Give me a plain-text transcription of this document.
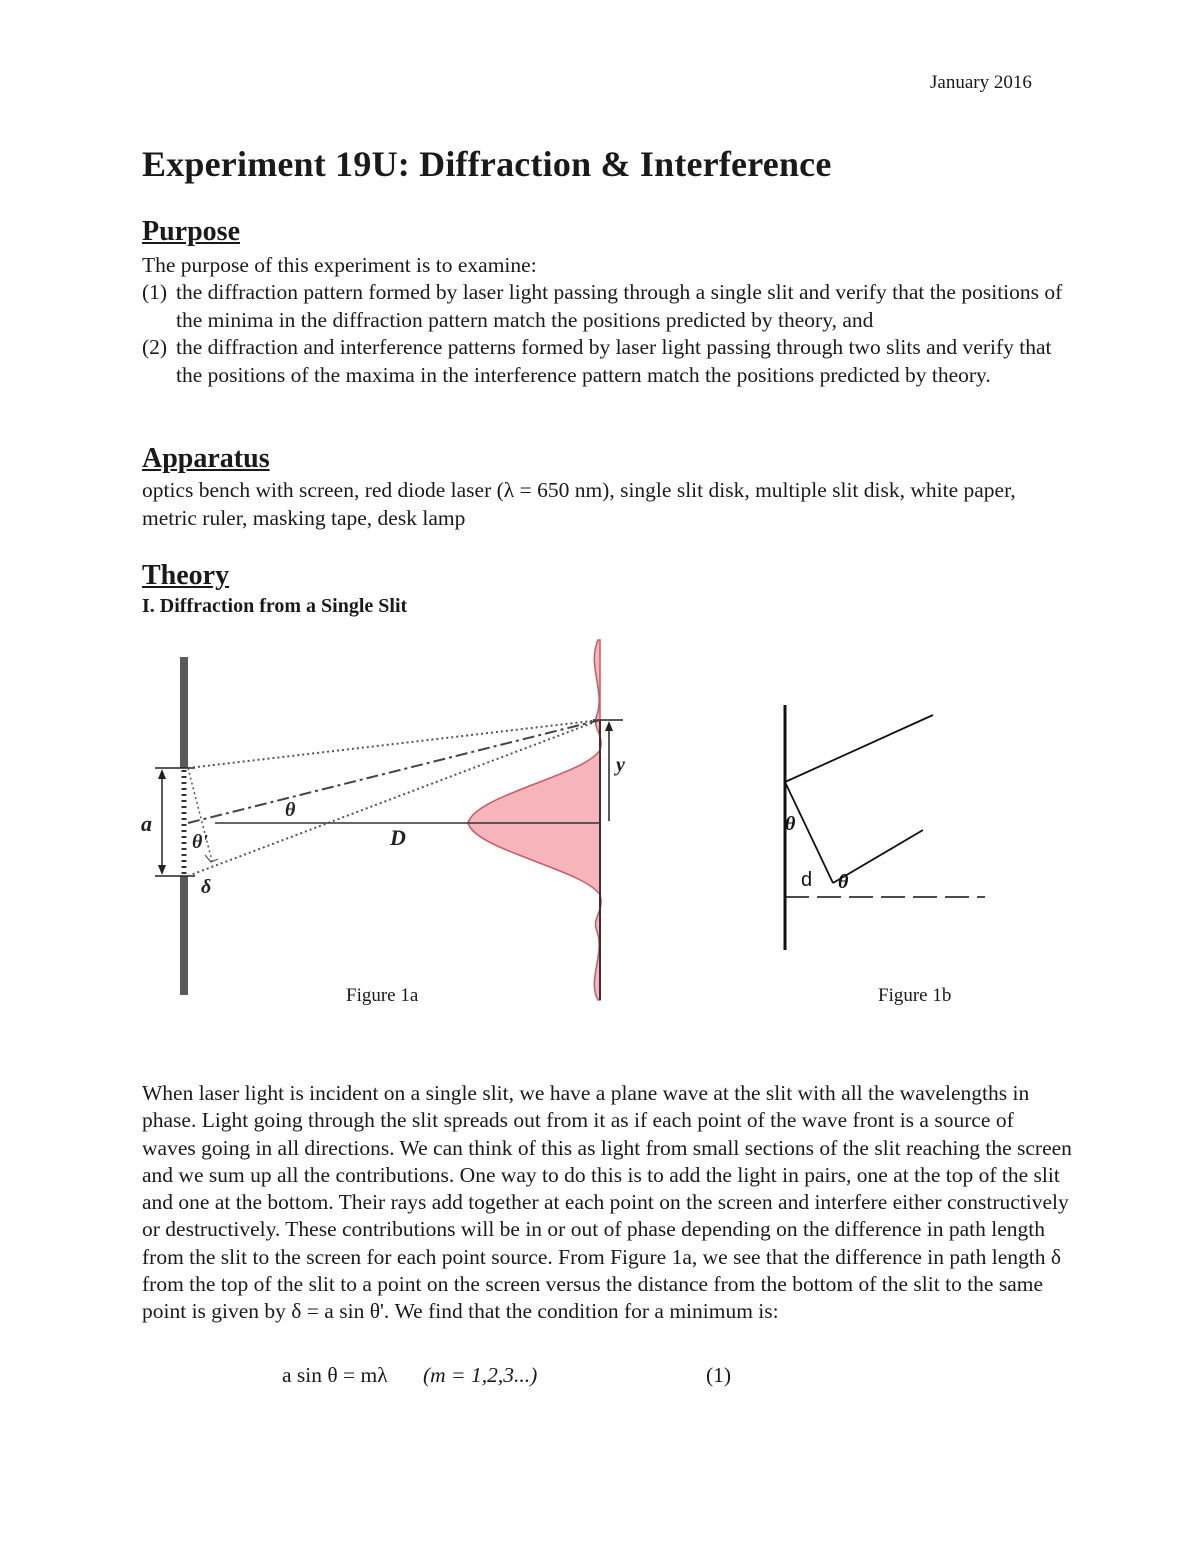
January 2016
Experiment 19U: Diffraction & Interference
Purpose
The purpose of this experiment is to examine:
(1) the diffraction pattern formed by laser light passing through a single slit and verify that the positions of the minima in the diffraction pattern match the positions predicted by theory, and
(2) the diffraction and interference patterns formed by laser light passing through two slits and verify that the positions of the maxima in the interference pattern match the positions predicted by theory.
Apparatus
optics bench with screen, red diode laser (λ = 650 nm), single slit disk, multiple slit disk, white paper, metric ruler, masking tape, desk lamp
Theory
I. Diffraction from a Single Slit
a
θ
θ'
δ
D
y
Figure 1a
θ
d θ
Figure 1b
When laser light is incident on a single slit, we have a plane wave at the slit with all the wavelengths in phase. Light going through the slit spreads out from it as if each point of the wave front is a source of waves going in all directions. We can think of this as light from small sections of the slit reaching the screen and we sum up all the contributions. One way to do this is to add the light in pairs, one at the top of the slit and one at the bottom. Their rays add together at each point on the screen and interfere either constructively or destructively. These contributions will be in or out of phase depending on the difference in path length from the slit to the screen for each point source. From Figure 1a, we see that the difference in path length δ from the top of the slit to a point on the screen versus the distance from the bottom of the slit to the same point is given by δ = a sin θ'. We find that the condition for a minimum is:
a sin θ = mλ (m = 1,2,3...)	(1)
